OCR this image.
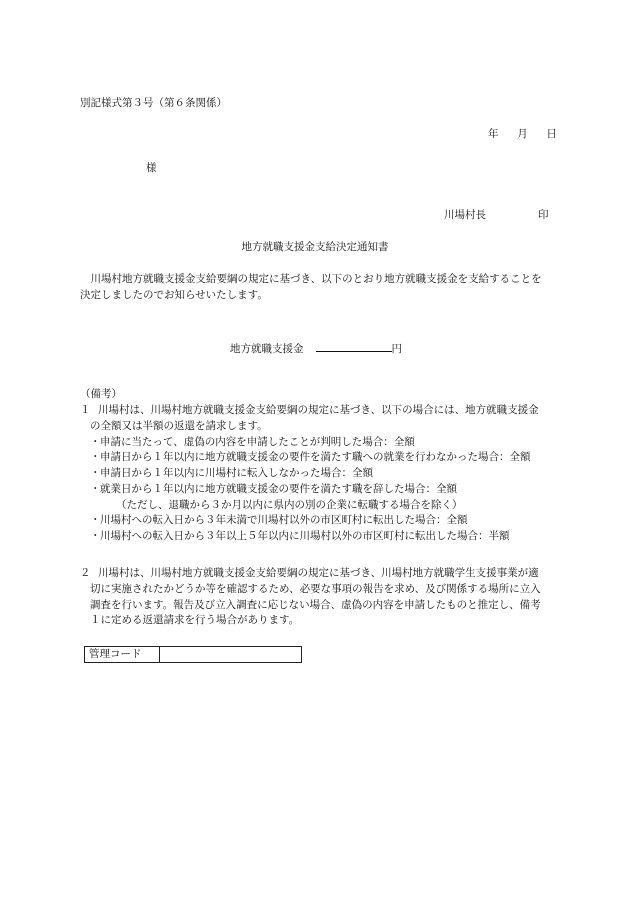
別記様式第３号（第６条関係）
年 月 日
様
川場村長	印
地方就職支援金支給決定通知書
川場村地方就職支援金支給要綱の規定に基づき、以下のとおり地方就職支援金を支給することを決定しましたのでお知らせいたします。
地方就職支援金	円
（備考）
１ 川場村は、川場村地方就職支援金支給要綱の規定に基づき、以下の場合には、地方就職支援金
の全額又は半額の返還を請求します。
・ 申請に当たって、虚偽の内容を申請したことが判明した場合：全額
・ 申請日から１年以内に地方就職支援金の要件を満たす職への就業を行わなかった場合：全額
・ 申請日から１年以内に川場村に転入しなかった場合：全額
・ 就業日から１年以内に地方就職支援金の要件を満たす職を辞した場合：全額
（ただし、退職から３か月以内に県内の別の企業に転職する場合を除く）
・ 川場村への転入日から３年未満で川場村以外の市区町村に転出した場合：全額
・ 川場村への転入日から３年以上５年以内に川場村以外の市区町村に転出した場合：半額
２ 川場村は、川場村地方就職支援金支給要綱の規定に基づき、川場村地方就職学生支援事業が適
切に実施されたかどうか等を確認するため、必要な事項の報告を求め、及び関係する場所に立入
調査を行います。報告及び立入調査に応じない場合、虚偽の内容を申請したものと推定し、備考
１に定める返還請求を行う場合があります。
管理コード
